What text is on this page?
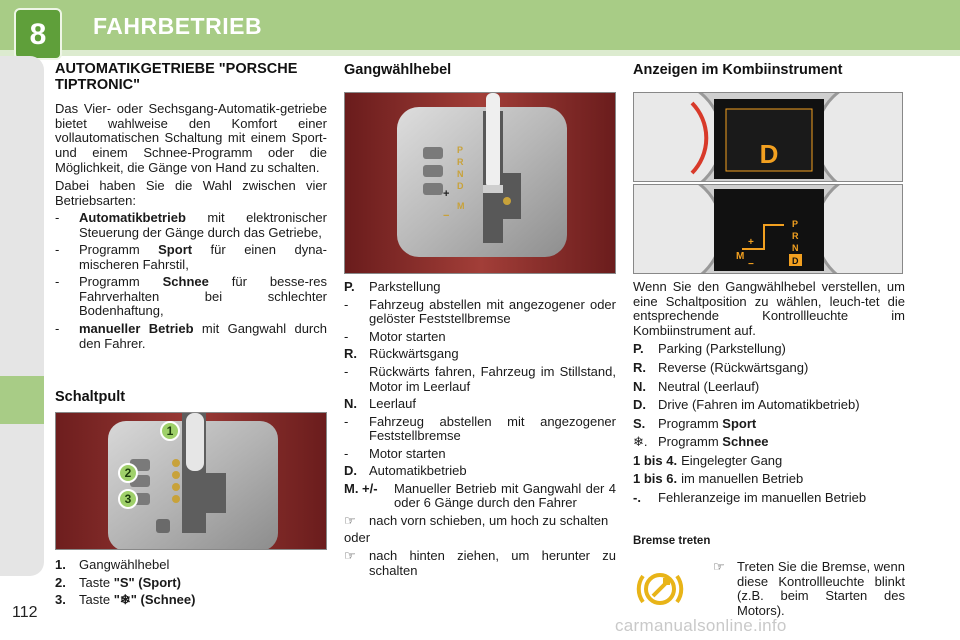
8	FAHRBETRIEB
112
AUTOMATIKGETRIEBE "PORSCHE TIPTRONIC"

Das Vier- oder Sechsgang-Automatik-getriebe bietet wahlweise den Komfort einer vollautomatischen Schaltung mit einem Sport- und einem Schnee-Programm oder die Möglichkeit, die Gänge von Hand zu schalten.

Dabei haben Sie die Wahl zwischen vier Betriebsarten:

-	Automatikbetrieb mit elektronischer Steuerung der Gänge durch das Getriebe,
-	Programm Sport für einen dyna-mischeren Fahrstil,
-	Programm Schnee für besse-res Fahrverhalten bei schlechter Bodenhaftung,
-	manueller Betrieb mit Gangwahl durch den Fahrer.
Schaltpult
1
2
3
1.	Gangwählhebel
2.	Taste "S" (Sport)
3.	Taste "❄" (Schnee)
Gangwählhebel
P
R
N
D
M
+
−
P.	Parkstellung
-	Fahrzeug abstellen mit angezogener oder gelöster Feststellbremse
-	Motor starten
R. Rückwärtsgang
-	Rückwärts fahren, Fahrzeug im Stillstand, Motor im Leerlauf
N. Leerlauf
-	Fahrzeug abstellen mit angezogener Feststellbremse
-	Motor starten
D. Automatikbetrieb
M. +/-	Manueller Betrieb mit Gangwahl der 4 oder 6 Gänge durch den Fahrer
☞	nach vorn schieben, um hoch zu schalten
oder
☞	nach hinten ziehen, um herunter zu schalten
Anzeigen im Kombiinstrument
D
M
+
−
P
R
N
D

Wenn Sie den Gangwählhebel verstellen, um eine Schaltposition zu wählen, leuch-tet die entsprechende Kontrollleuchte im Kombiinstrument auf.

P.	Parking (Parkstellung)
R. Reverse (Rückwärtsgang)
N. Neutral (Leerlauf)
D. Drive (Fahren im Automatikbetrieb)
S. Programm Sport
❄. Programm Schnee
1 bis 4. Eingelegter Gang
1 bis 6. im manuellen Betrieb
-.	Fehleranzeige im manuellen Betrieb
Bremse treten
☞ Treten Sie die Bremse, wenn diese Kontrollleuchte blinkt (z.B. beim Starten des Motors).
carmanualsonline.info
